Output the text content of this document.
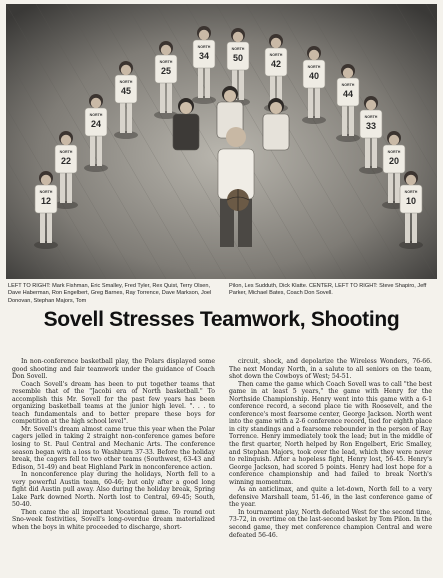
NORTH
45
NORTH
25
NORTH
34
NORTH
50	NORTH
42	NORTH
40
NORTH
44
NORTH
24
NORTH
33
NORTH
22
NORTH
20
NORTH
12
NORTH
10
LEFT TO RIGHT: Mark Fishman, Eric Smalley, Fred Tyler, Rex Quist, Terry Olsen, Dave Haberman, Ron Engelbert, Greg Barnes, Ray Torrence, Dave Markson, Joel Donovan, Stephan Majors, Tom
Pilon, Les Sudduth, Dick Klatte. CENTER, LEFT TO RIGHT: Steve Shapiro, Jeff Parker, Michael Bates, Coach Don Sovell.
Sovell Stresses Teamwork, Shooting

In non-conference basketball play, the Polars displayed some good shooting and fair teamwork under the guidance of Coach Don Sovell.

Coach Sovell's dream has been to put together teams that resemble that of the "Jacobi era of North basketball." To accomplish this Mr. Sovell for the past few years has been organizing basketball teams at the junior high level. ". . . to teach fundamentals and to better prepare these boys for competition at the high school level".

Mr. Sovell's dream almost came true this year when the Polar cagers jelled in taking 2 straight non-conference games before losing to St. Paul Central and Mechanic Arts. The conference season began with a loss to Washburn 37-33. Before the holiday break, the cagers fell to two other teams (Southwest, 63-43 and Edison, 51-49) and beat Highland Park in nonconference action.

In nonconference play during the holidays, North fell to a very powerful Austin team, 60-46; but only after a good long fight did Austin pull away. Also during the holiday break, Spring Lake Park downed North. North lost to Central, 69-45; South, 50-40.

Then came the all important Vocational game. To round out Sno-week festivities, Sovell's long-overdue dream materialized when the boys in white proceeded to discharge, short-

circuit, shock, and depolarize the Wireless Wonders, 76-66. The next Monday North, in a salute to all seniors on the team, shot down the Cowboys of West; 54-51.

Then came the game which Coach Sovell was to call "the best game in at least 5 years," the game with Henry for the Northside Championship. Henry went into this game with a 6-1 conference record, a second place tie with Roosevelt, and the conference's most fearsome center, George Jackson. North went into the game with a 2-6 conference record, tied for eighth place in city standings and a fearsome rebounder in the person of Ray Torrence. Henry immediately took the lead; but in the middle of the first quarter, North helped by Ron Engelbert, Eric Smalley, and Stephan Majors, took over the lead, which they were never to relinquish. After a hopeless fight, Henry lost, 56-45. Henry's George Jackson, had scored 5 points. Henry had lost hope for a conference championship and had failed to break North's winning momentum.

As an anticlimax, and quite a let-down, North fell to a very defensive Marshall team, 51-46, in the last conference game of the year.

In tournament play, North defeated West for the second time, 73-72, in overtime on the last-second basket by Tom Pilon. In the second game, they met conference champion Central and were defeated 56-46.
